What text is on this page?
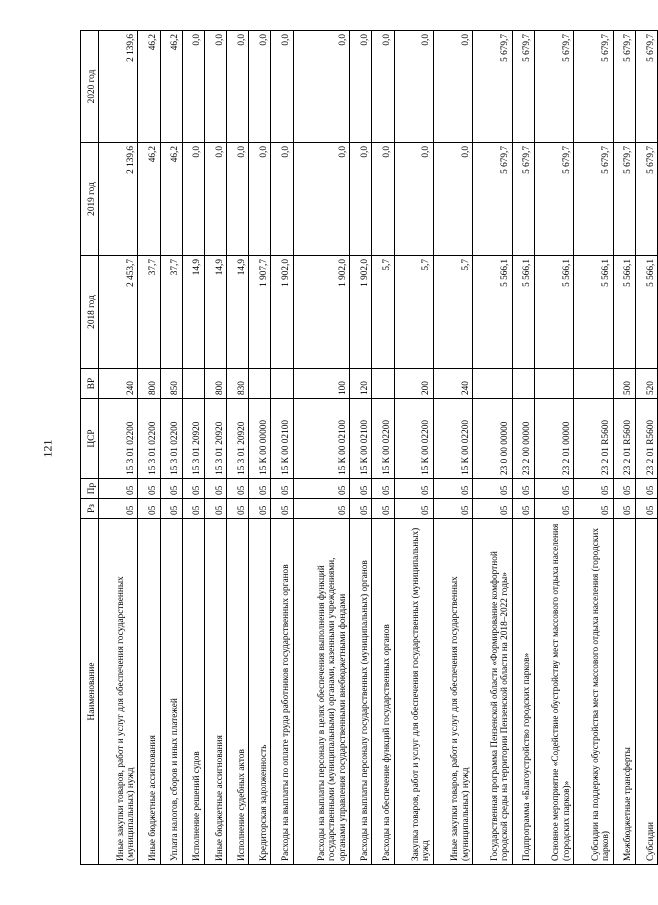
121
Наименование	Рз	Пр	ЦСР	ВР	2018 год	2019 год	2020 год
Иные закупки товаров, работ и услуг для обеспечения государственных (муниципальных) нужд	05	05	15 3 01 02200	240	2 453,7	2 139,6	2 139,6
Иные бюджетные ассигнования	05	05	15 3 01 02200	800	37,7	46,2	46,2
Уплата налогов, сборов и иных платежей	05	05	15 3 01 02200	850	37,7	46,2	46,2
Исполнение решений судов	05	05	15 3 01 20920		14,9	0,0	0,0
Иные бюджетные ассигнования	05	05	15 3 01 20920	800	14,9	0,0	0,0
Исполнение судебных актов	05	05	15 3 01 20920	830	14,9	0,0	0,0
Кредиторская задолженность	05	05	15 К 00 00000		1 907,7	0,0	0,0
Расходы на выплаты по оплате труда работников государственных органов	05	05	15 К 00 02100		1 902,0	0,0	0,0
Расходы на выплаты персоналу в целях обеспечения выполнения функций государственными (муниципальными) органами, казенными учреждениями, органами управления государственными внебюджетными фондами	05	05	15 К 00 02100	100	1 902,0	0,0	0,0
Расходы на выплаты персоналу государственных (муниципальных) органов	05	05	15 К 00 02100	120	1 902,0	0,0	0,0
Расходы на обеспечение функций государственных органов	05	05	15 К 00 02200		5,7	0,0	0,0
Закупка товаров, работ и услуг для обеспечения государственных (муниципальных) нужд	05	05	15 К 00 02200	200	5,7	0,0	0,0
Иные закупки товаров, работ и услуг для обеспечения государственных (муниципальных) нужд	05	05	15 К 00 02200	240	5,7	0,0	0,0
Государственная программа Пензенской области «Формирование комфортной городской среды на территории Пензенской области на 2018–2022 годы»	05	05	23 0 00 00000		5 566,1	5 679,7	5 679,7
Подпрограмма «Благоустройство городских парков»	05	05	23 2 00 00000		5 566,1	5 679,7	5 679,7
Основное мероприятие «Содействие обустройству мест массового отдыха населения (городских парков)»	05	05	23 2 01 00000		5 566,1	5 679,7	5 679,7
Субсидии на поддержку обустройства мест массового отдыха населения (городских парков)	05	05	23 2 01 R5600		5 566,1	5 679,7	5 679,7
Межбюджетные трансферты	05	05	23 2 01 R5600	500	5 566,1	5 679,7	5 679,7
Субсидии	05	05	23 2 01 R5600	520	5 566,1	5 679,7	5 679,7
